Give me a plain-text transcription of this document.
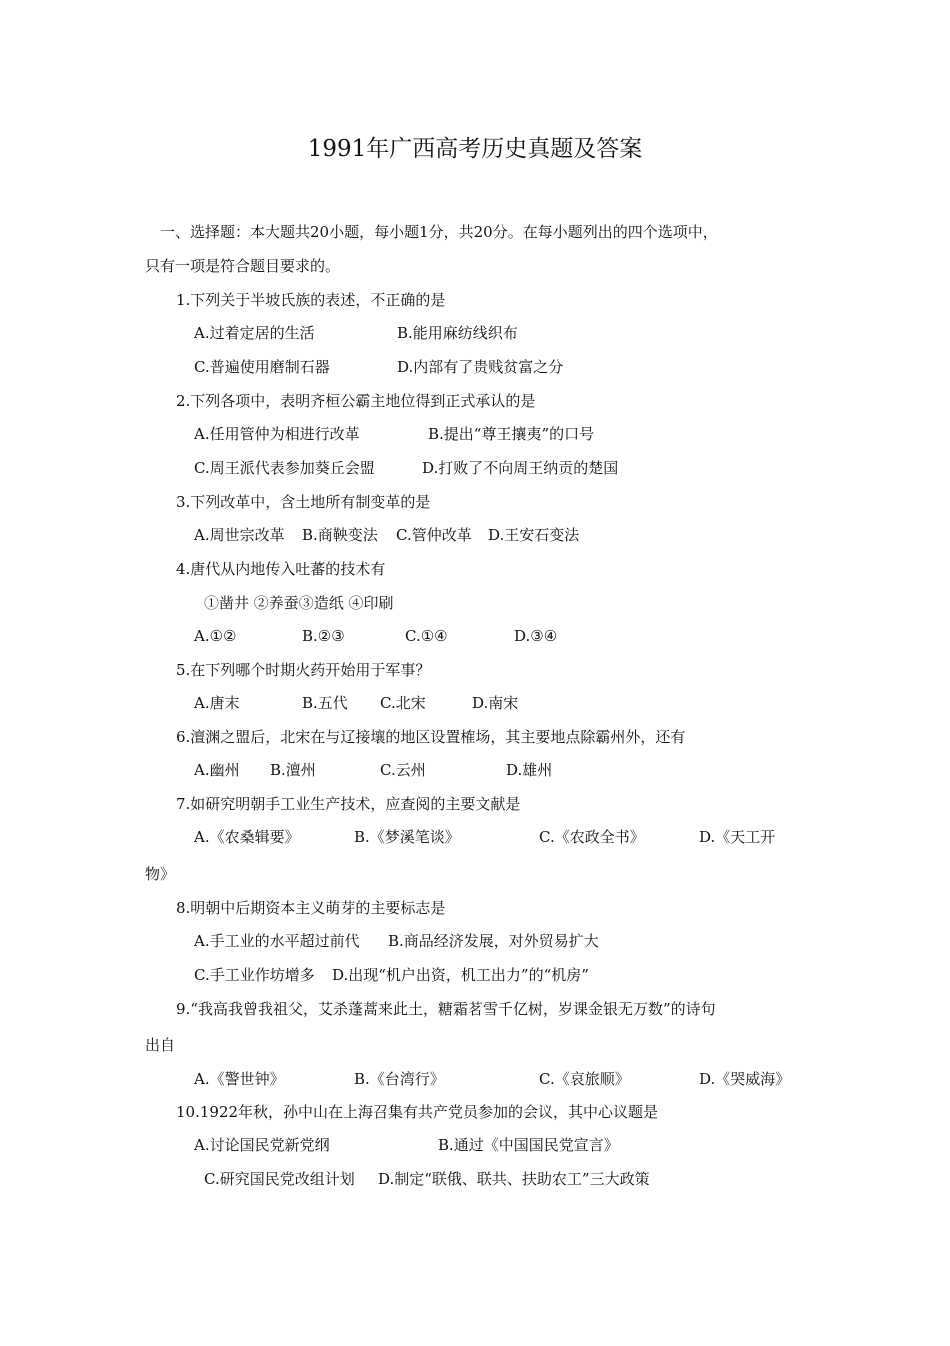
1991年广西高考历史真题及答案
一、选择题：本大题共20小题，每小题1分，共20分。在每小题列出的四个选项中，
只有一项是符合题目要求的。
1.下列关于半坡氏族的表述，不正确的是
A.过着定居的生活	B.能用麻纺线织布
C.普遍使用磨制石器	D.内部有了贵贱贫富之分
2.下列各项中，表明齐桓公霸主地位得到正式承认的是
A.任用管仲为相进行改革	B.提出“尊王攘夷”的口号
C.周王派代表参加葵丘会盟	D.打败了不向周王纳贡的楚国
3.下列改革中，含土地所有制变革的是
A.周世宗改革 B.商鞅变法 C.管仲改革 D.王安石变法
4.唐代从内地传入吐蕃的技术有
①凿井 ②养蚕③造纸 ④印刷
A.①②	B.②③	C.①④	D.③④
5.在下列哪个时期火药开始用于军事？
A.唐末	B.五代 C.北宋	D.南宋
6.澶渊之盟后，北宋在与辽接壤的地区设置榷场，其主要地点除霸州外，还有
A.幽州 B.澶州	C.云州	D.雄州
7.如研究明朝手工业生产技术，应查阅的主要文献是
A.《农桑辑要》	B.《梦溪笔谈》	C.《农政全书》	D.《天工开
物》
8.明朝中后期资本主义萌芽的主要标志是
A.手工业的水平超过前代 B.商品经济发展，对外贸易扩大
C.手工业作坊增多 D.出现“机户出资，机工出力”的“机房”
9.“我高我曾我祖父，艾杀蓬蒿来此土，糖霜茗雪千亿树，岁课金银无万数”的诗句
出自
A.《警世钟》	B.《台湾行》	C.《哀旅顺》	D.《哭威海》
10.1922年秋，孙中山在上海召集有共产党员参加的会议，其中心议题是
A.讨论国民党新党纲	B.通过《中国国民党宣言》
C.研究国民党改组计划 D.制定“联俄、联共、扶助农工”三大政策
